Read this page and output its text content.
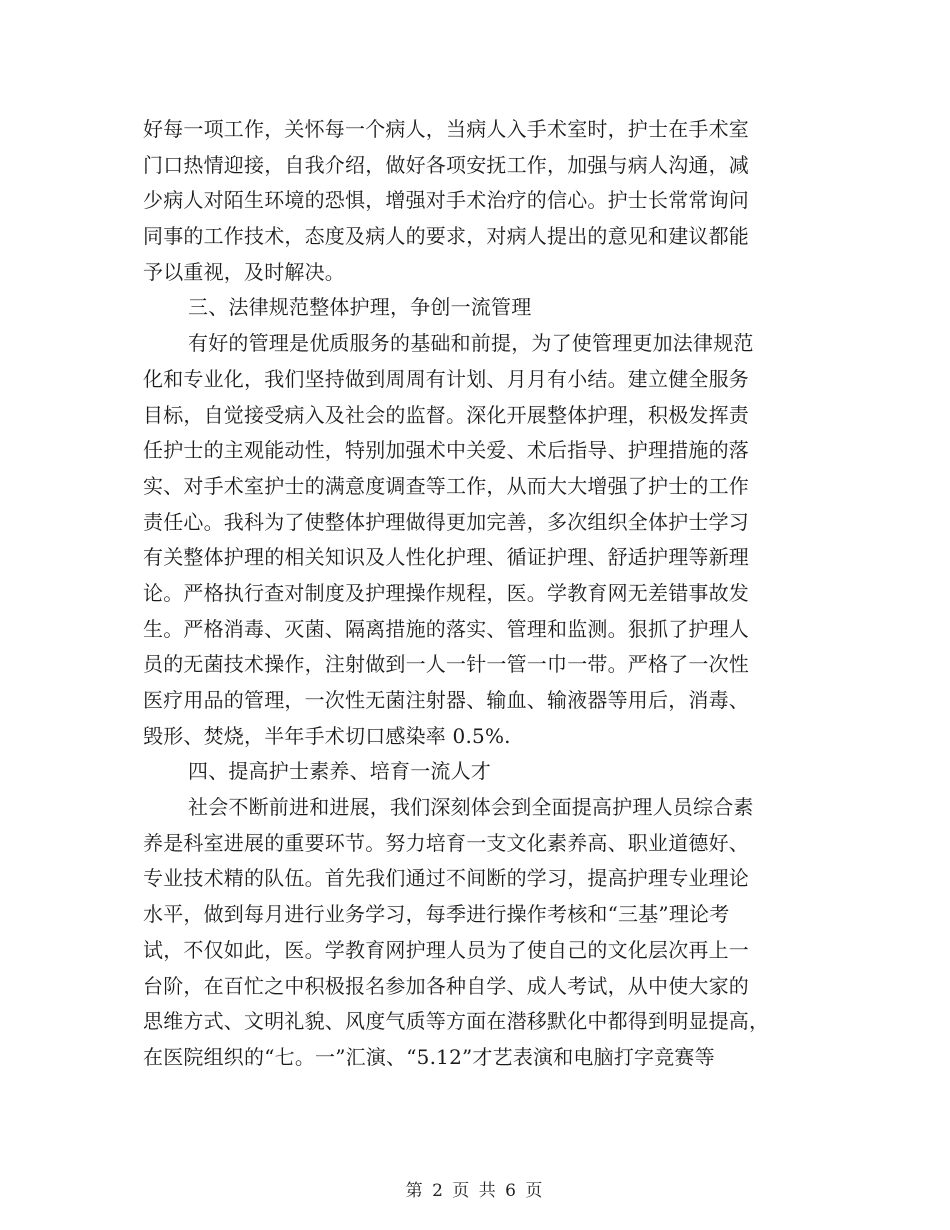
好每一项工作，关怀每一个病人，当病人入手术室时，护士在手术室
门口热情迎接，自我介绍，做好各项安抚工作，加强与病人沟通，减
少病人对陌生环境的恐惧，增强对手术治疗的信心。护士长常常询问
同事的工作技术，态度及病人的要求，对病人提出的意见和建议都能
予以重视，及时解决。
三、法律规范整体护理，争创一流管理
有好的管理是优质服务的基础和前提，为了使管理更加法律规范
化和专业化，我们坚持做到周周有计划、月月有小结。建立健全服务
目标，自觉接受病入及社会的监督。深化开展整体护理，积极发挥责
任护士的主观能动性，特别加强术中关爱、术后指导、护理措施的落
实、对手术室护士的满意度调查等工作，从而大大增强了护士的工作
责任心。我科为了使整体护理做得更加完善，多次组织全体护士学习
有关整体护理的相关知识及人性化护理、循证护理、舒适护理等新理
论。严格执行查对制度及护理操作规程，医。学教育网无差错事故发
生。严格消毒、灭菌、隔离措施的落实、管理和监测。狠抓了护理人
员的无菌技术操作，注射做到一人一针一管一巾一带。严格了一次性
医疗用品的管理，一次性无菌注射器、输血、输液器等用后，消毒、
毁形、焚烧，半年手术切口感染率 0.5%.
四、提高护士素养、培育一流人才
社会不断前进和进展，我们深刻体会到全面提高护理人员综合素
养是科室进展的重要环节。努力培育一支文化素养高、职业道德好、
专业技术精的队伍。首先我们通过不间断的学习，提高护理专业理论
水平，做到每月进行业务学习，每季进行操作考核和“三基”理论考
试，不仅如此，医。学教育网护理人员为了使自己的文化层次再上一
台阶，在百忙之中积极报名参加各种自学、成人考试，从中使大家的
思维方式、文明礼貌、风度气质等方面在潜移默化中都得到明显提高，
在医院组织的“七。一”汇演、“5.12”才艺表演和电脑打字竞赛等
第 2 页 共 6 页
